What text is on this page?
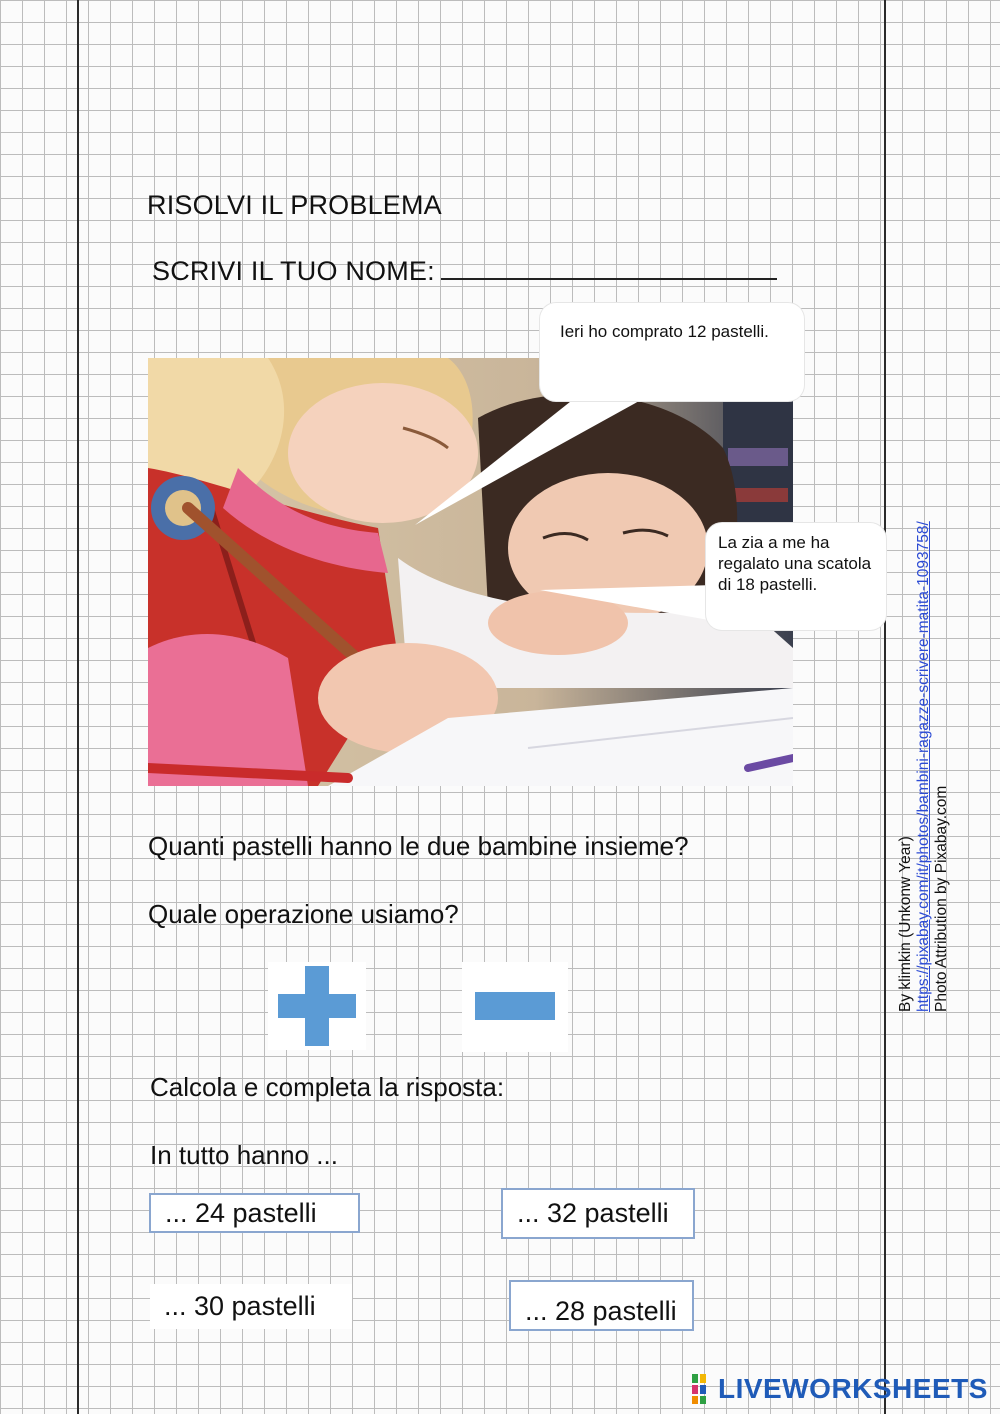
RISOLVI IL PROBLEMA
SCRIVI IL TUO NOME:
Ieri ho comprato 12 pastelli.
La zia a me ha regalato una scatola di 18 pastelli.
Quanti pastelli hanno le due bambine insieme?
Quale operazione usiamo?
Calcola e completa la risposta:
In tutto hanno ...
... 24 pastelli	... 32 pastelli
... 30 pastelli	... 28 pastelli
By klimkin (Unkonw Year) https://pixabay.com/it/photos/bambini-ragazze-scrivere-matita-1093758/ Photo Attribution by Pixabay.com
LIVEWORKSHEETS
